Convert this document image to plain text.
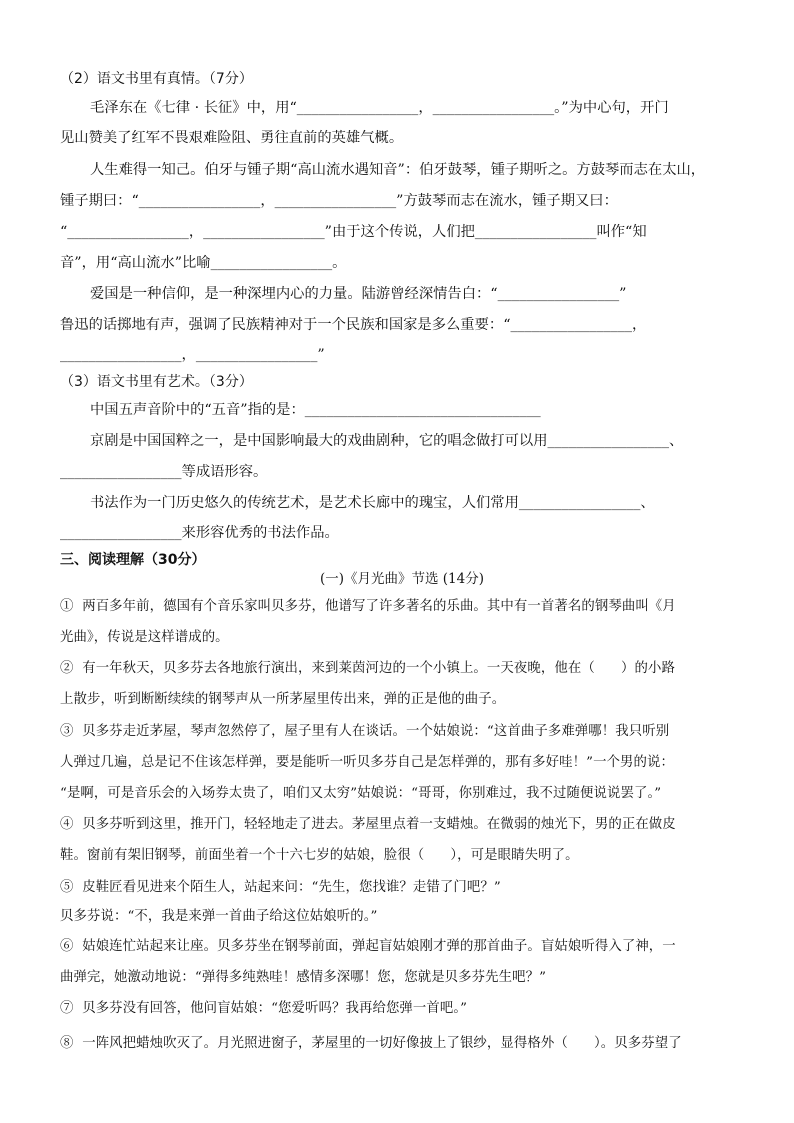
（2）语文书里有真情。（7分）
毛泽东在《七律 · 长征》中，用“_________________，_________________。”为中心句，开门
见山赞美了红军不畏艰难险阻、勇往直前的英雄气概。
人生难得一知己。伯牙与锺子期“高山流水遇知音”：伯牙鼓琴，锺子期听之。方鼓琴而志在太山，
锺子期曰：“_________________，_________________”方鼓琴而志在流水，锺子期又曰：
“_________________，_________________”由于这个传说，人们把_________________叫作“知
音”，用“高山流水”比喻_________________。
爱国是一种信仰，是一种深埋内心的力量。陆游曾经深情告白：“_________________”
鲁迅的话掷地有声，强调了民族精神对于一个民族和国家是多么重要：“_________________，
_________________，_________________”
（3）语文书里有艺术。（3分）
中国五声音阶中的“五音”指的是：_________________________________
京剧是中国国粹之一，是中国影响最大的戏曲剧种，它的唱念做打可以用_________________、
_________________等成语形容。
书法作为一门历史悠久的传统艺术，是艺术长廊中的瑰宝，人们常用_________________、
_________________来形容优秀的书法作品。
三、阅读理解（30分）
(一)《月光曲》节选 (14分)
①  两百多年前，德国有个音乐家叫贝多芬，他谱写了许多著名的乐曲。其中有一首著名的钢琴曲叫《月
光曲》，传说是这样谱成的。
②  有一年秋天，贝多芬去各地旅行演出，来到莱茵河边的一个小镇上。一天夜晚，他在（      ）的小路
上散步，听到断断续续的钢琴声从一所茅屋里传出来，弹的正是他的曲子。
③  贝多芬走近茅屋，琴声忽然停了，屋子里有人在谈话。一个姑娘说：“这首曲子多难弹哪！我只听别
人弹过几遍，总是记不住该怎样弹，要是能听一听贝多芬自己是怎样弹的，那有多好哇！”一个男的说：
“是啊，可是音乐会的入场券太贵了，咱们又太穷”姑娘说：“哥哥，你别难过，我不过随便说说罢了。”
④  贝多芬听到这里，推开门，轻轻地走了进去。茅屋里点着一支蜡烛。在微弱的烛光下，男的正在做皮
鞋。窗前有架旧钢琴，前面坐着一个十六七岁的姑娘，脸很（      ），可是眼睛失明了。
⑤  皮鞋匠看见进来个陌生人，站起来问：“先生，您找谁？走错了门吧？”
贝多芬说：“不，我是来弹一首曲子给这位姑娘听的。”
⑥  姑娘连忙站起来让座。贝多芬坐在钢琴前面，弹起盲姑娘刚才弹的那首曲子。盲姑娘听得入了神，一
曲弹完，她激动地说：“弹得多纯熟哇！感情多深哪！您，您就是贝多芬先生吧？”
⑦  贝多芬没有回答，他问盲姑娘：“您爱听吗？我再给您弹一首吧。”
⑧  一阵风把蜡烛吹灭了。月光照进窗子，茅屋里的一切好像披上了银纱，显得格外（      ）。贝多芬望了
